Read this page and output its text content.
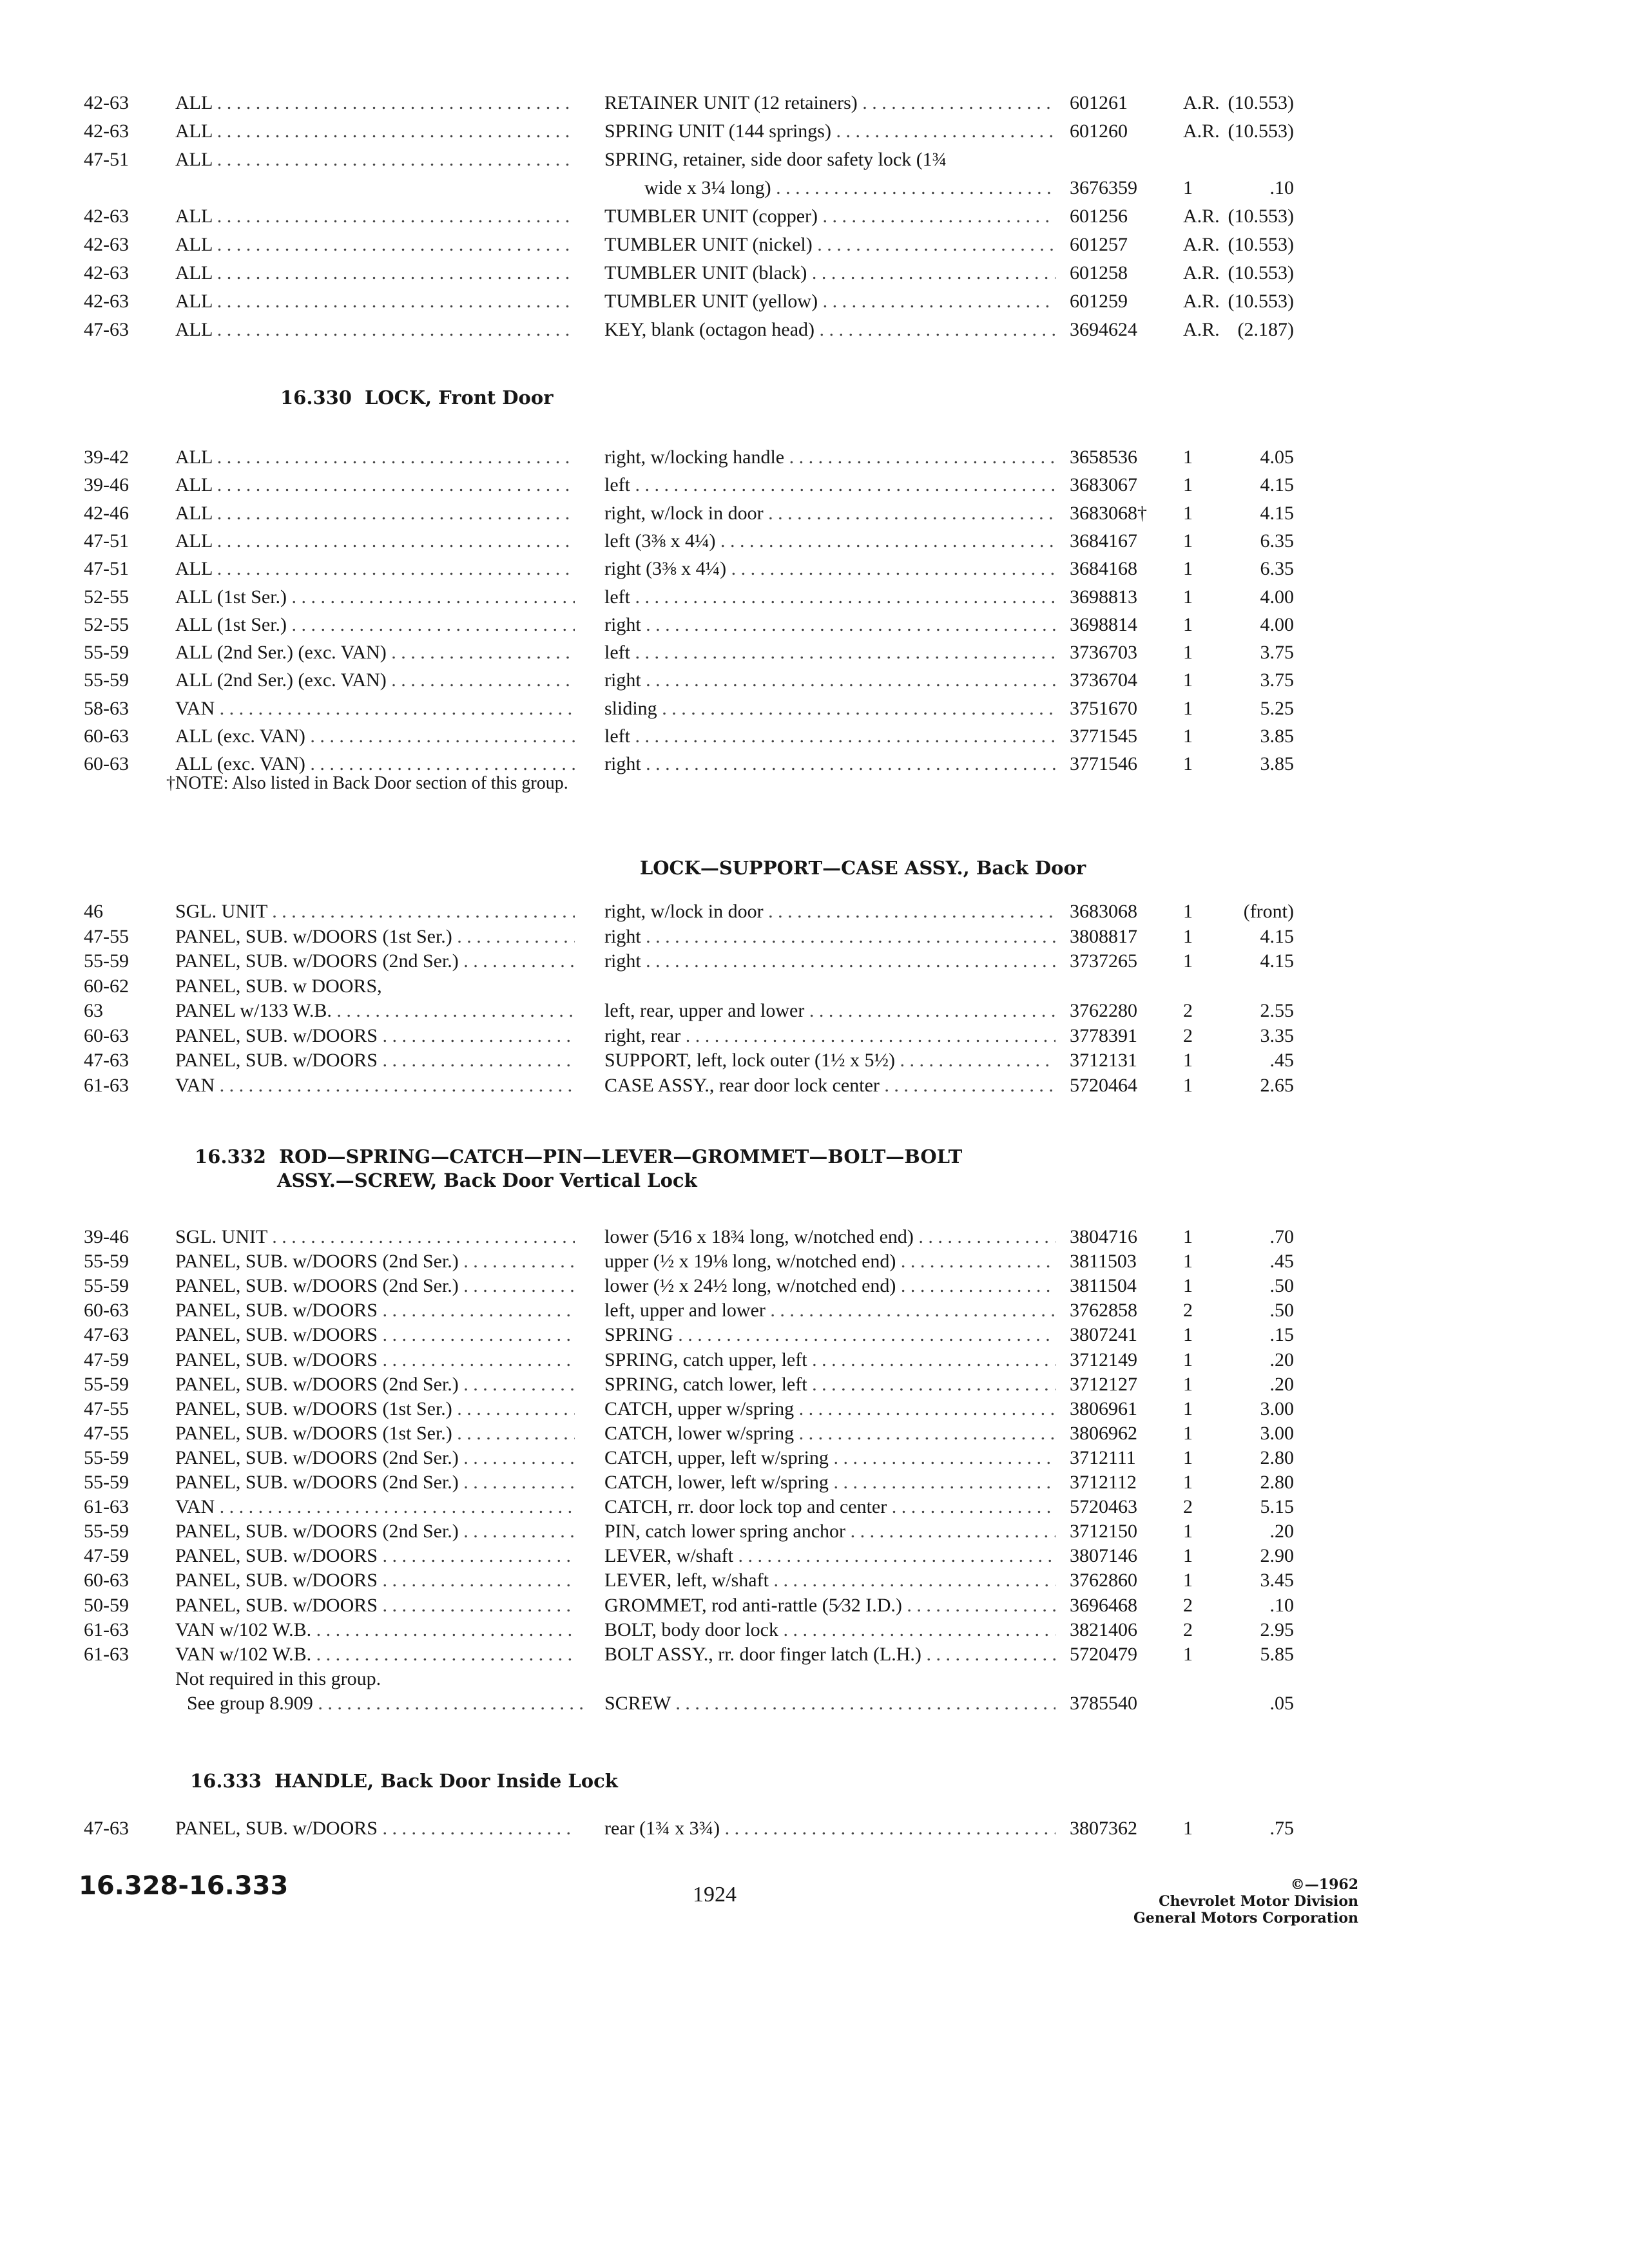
42-63 ALL . . .	RETAINER UNIT (12 retainers) . . .	601261	A.R. (10.553)
42-63 ALL . . .	SPRING UNIT (144 springs) . . .	601260	A.R. (10.553)
47-51 ALL . . .	SPRING, retainer, side door safety lock (1¾
wide x 3¼ long) . . .	3676359 1	.10
42-63 ALL . . .	TUMBLER UNIT (copper) . . .	601256	A.R. (10.553)
42-63 ALL . . .	TUMBLER UNIT (nickel) . . .	601257	A.R. (10.553)
42-63 ALL . . .	TUMBLER UNIT (black) . . .	601258	A.R. (10.553)
42-63 ALL . . .	TUMBLER UNIT (yellow) . . .	601259	A.R. (10.553)
47-63 ALL . . .	KEY, blank (octagon head) . . .	3694624 A.R. (2.187)
16.330 LOCK, Front Door
39-42 ALL . . .	right, w/locking handle . . .	3658536 1	4.05
39-46 ALL . . .	left . . .	3683067 1	4.15
42-46 ALL . . .	right, w/lock in door . . .	3683068† 1	4.15
47-51 ALL . . .	left (3⅜ x 4¼) . . .	3684167 1	6.35
47-51 ALL . . .	right (3⅜ x 4¼) . . .	3684168 1	6.35
52-55 ALL (1st Ser.) . . .	left . . .	3698813 1	4.00
52-55 ALL (1st Ser.) . . .	right . . .	3698814 1	4.00
55-59 ALL (2nd Ser.) (exc. VAN) . . .	left . . .	3736703 1	3.75
55-59 ALL (2nd Ser.) (exc. VAN) . . .	right . . .	3736704 1	3.75
58-63 VAN . . .	sliding . . .	3751670 1	5.25
60-63 ALL (exc. VAN) . . .	left . . .	3771545 1	3.85
60-63 ALL (exc. VAN) . . .	right . . .	3771546 1	3.85
†NOTE: Also listed in Back Door section of this group.
LOCK—SUPPORT—CASE ASSY., Back Door
46	SGL. UNIT . . .	right, w/lock in door . . .	3683068 1	(front)
47-55 PANEL, SUB. w/DOORS (1st Ser.) . . .	right . . .	3808817 1	4.15
55-59 PANEL, SUB. w/DOORS (2nd Ser.) . . .	right . . .	3737265 1	4.15
60-62 PANEL, SUB. w DOORS,
63	PANEL w/133 W.B. . . .	left, rear, upper and lower . . .	3762280 2	2.55
60-63 PANEL, SUB. w/DOORS . . .	right, rear . . .	3778391 2	3.35
47-63 PANEL, SUB. w/DOORS . . .	SUPPORT, left, lock outer (1½ x 5½) . . .	3712131 1	.45
61-63 VAN . . .	CASE ASSY., rear door lock center . . .	5720464 1	2.65
16.332 ROD—SPRING—CATCH—PIN—LEVER—GROMMET—BOLT—BOLT
ASSY.—SCREW, Back Door Vertical Lock
39-46 SGL. UNIT . . .	lower (5⁄16 x 18¾ long, w/notched end) . . .	3804716 1	.70
55-59 PANEL, SUB. w/DOORS (2nd Ser.) . . .	upper (½ x 19⅛ long, w/notched end) . . .	3811503 1	.45
55-59 PANEL, SUB. w/DOORS (2nd Ser.) . . .	lower (½ x 24½ long, w/notched end) . . .	3811504 1	.50
60-63 PANEL, SUB. w/DOORS . . .	left, upper and lower . . .	3762858 2	.50
47-63 PANEL, SUB. w/DOORS . . .	SPRING . . .	3807241 1	.15
47-59 PANEL, SUB. w/DOORS . . .	SPRING, catch upper, left . . .	3712149 1	.20
55-59 PANEL, SUB. w/DOORS (2nd Ser.) . . .	SPRING, catch lower, left . . .	3712127 1	.20
47-55 PANEL, SUB. w/DOORS (1st Ser.) . . .	CATCH, upper w/spring . . .	3806961 1	3.00
47-55 PANEL, SUB. w/DOORS (1st Ser.) . . .	CATCH, lower w/spring . . .	3806962 1	3.00
55-59 PANEL, SUB. w/DOORS (2nd Ser.) . . .	CATCH, upper, left w/spring . . .	3712111 1	2.80
55-59 PANEL, SUB. w/DOORS (2nd Ser.) . . .	CATCH, lower, left w/spring . . .	3712112 1	2.80
61-63 VAN . . .	CATCH, rr. door lock top and center . . .	5720463 2	5.15
55-59 PANEL, SUB. w/DOORS (2nd Ser.) . . .	PIN, catch lower spring anchor . . .	3712150 1	.20
47-59 PANEL, SUB. w/DOORS . . .	LEVER, w/shaft . . .	3807146 1	2.90
60-63 PANEL, SUB. w/DOORS . . .	LEVER, left, w/shaft . . .	3762860 1	3.45
50-59 PANEL, SUB. w/DOORS . . .	GROMMET, rod anti-rattle (5⁄32 I.D.) . . .	3696468 2	.10
61-63 VAN w/102 W.B. . . .	BOLT, body door lock . . .	3821406 2	2.95
61-63 VAN w/102 W.B. . . .	BOLT ASSY., rr. door finger latch (L.H.) . . .	5720479 1	5.85
Not required in this group.
See group 8.909 . . .	SCREW . . .	3785540	.05
16.333 HANDLE, Back Door Inside Lock
47-63 PANEL, SUB. w/DOORS . . .	rear (1¾ x 3¾) . . .	3807362 1	.75
16.328-16.333	1924	©—1962
Chevrolet Motor Division
General Motors Corporation
